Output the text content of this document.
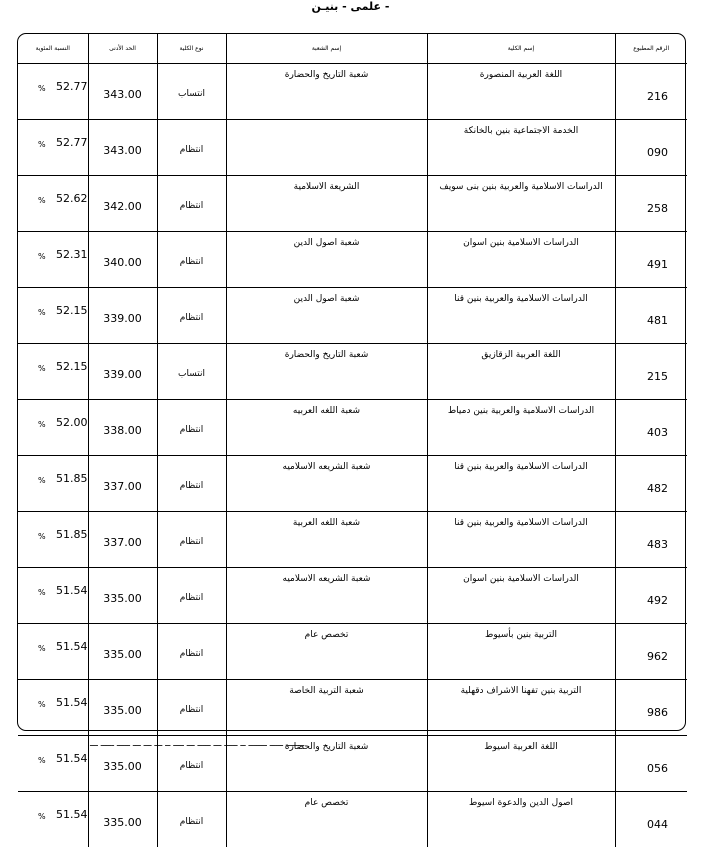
- علمى - بنيـن
النسبة المئوية	الحد الأدنى	نوع الكلية	إسم الشعبة	إسم الكلية	الرقم المطبوع

% 52.77	343.00	انتساب	شعبة التاريخ والحضارة	اللغة العربية المنصورة	216

% 52.77	343.00	انتظام		الخدمة الاجتماعية بنين بالخانكة	090

% 52.62	342.00	انتظام	الشريعة الاسلامية	الدراسات الاسلامية والعربية بنين بنى سويف	258

% 52.31	340.00	انتظام	شعبة اصول الدين	الدراسات الاسلامية بنين اسوان	491

% 52.15	339.00	انتظام	شعبة اصول الدين	الدراسات الاسلامية والعربية بنين قنا	481

% 52.15	339.00	انتساب	شعبة التاريخ والحضارة	اللغة العربية الزقازيق	215

% 52.00	338.00	انتظام	شعبة اللغه العربيه	الدراسات الاسلامية والعربية بنين دمياط	403

% 51.85	337.00	انتظام	شعبة الشريعه الاسلاميه	الدراسات الاسلامية والعربية بنين قنا	482

% 51.85	337.00	انتظام	شعبة اللغه العربية	الدراسات الاسلامية والعربية بنين قنا	483

% 51.54	335.00	انتظام	شعبة الشريعه الاسلاميه	الدراسات الاسلامية بنين اسوان	492

% 51.54	335.00	انتظام	تخصص عام	التربية بنين بأسيوط	962

% 51.54	335.00	انتظام	شعبة التربية الخاصة	التربية بنين تفهنا الاشراف دقهلية	986

% 51.54	335.00	انتظام	شعبة التاريخ والحضارة	اللغة العربية اسيوط	056

% 51.54	335.00	انتظام	تخصص عام	اصول الدين والدعوة اسيوط	044
‏ـــــــ ـــــ ـــــــ ــ ـــــ ـــ ـــــ ـــ ــــ ــ ـــ ـــ ـــ ـــــ ـــــ ـــ
